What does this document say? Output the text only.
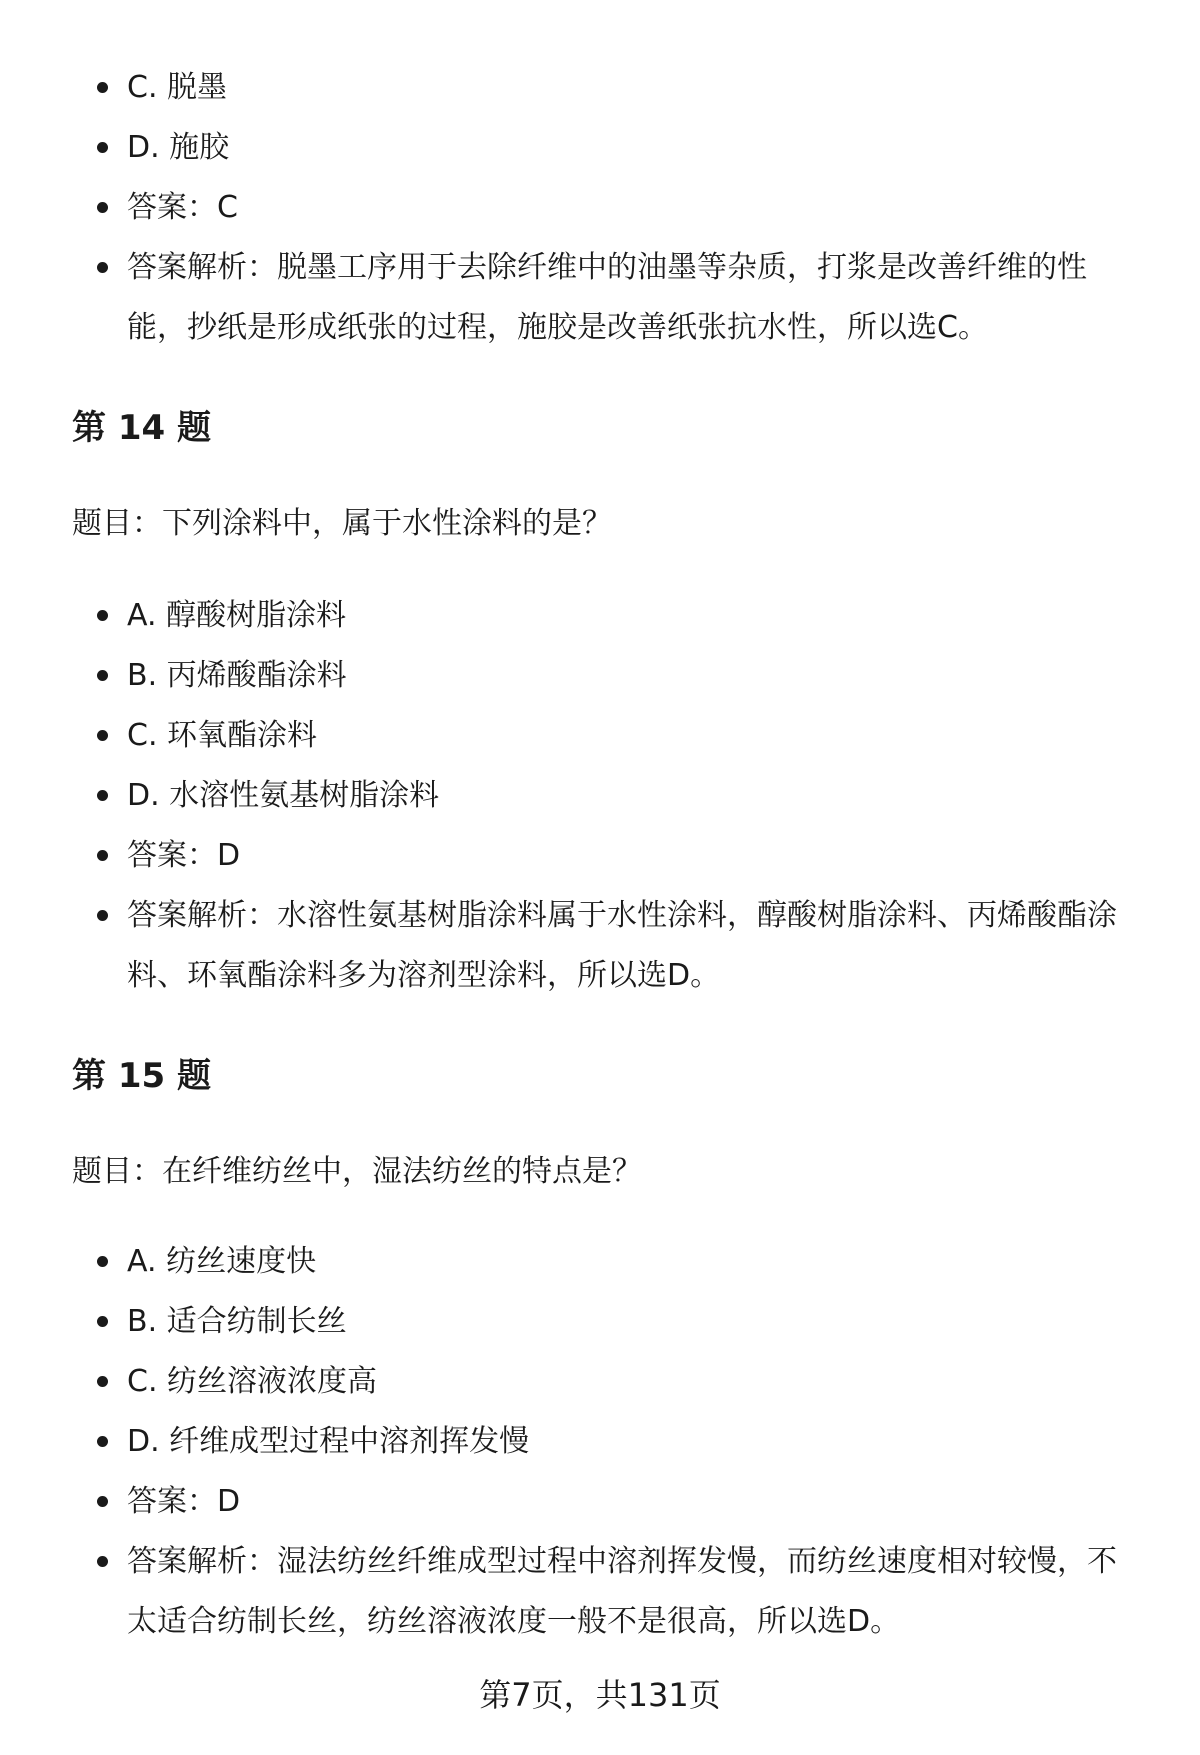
C. 脱墨
D. 施胶
答案：C
答案解析：脱墨工序用于去除纤维中的油墨等杂质，打浆是改善纤维的性能，抄纸是形成纸张的过程，施胶是改善纸张抗水性，所以选C。
第 14 题
题目：下列涂料中，属于水性涂料的是？
A. 醇酸树脂涂料
B. 丙烯酸酯涂料
C. 环氧酯涂料
D. 水溶性氨基树脂涂料
答案：D
答案解析：水溶性氨基树脂涂料属于水性涂料，醇酸树脂涂料、丙烯酸酯涂料、环氧酯涂料多为溶剂型涂料，所以选D。
第 15 题
题目：在纤维纺丝中，湿法纺丝的特点是？
A. 纺丝速度快
B. 适合纺制长丝
C. 纺丝溶液浓度高
D. 纤维成型过程中溶剂挥发慢
答案：D
答案解析：湿法纺丝纤维成型过程中溶剂挥发慢，而纺丝速度相对较慢，不太适合纺制长丝，纺丝溶液浓度一般不是很高，所以选D。
第7页，共131页
